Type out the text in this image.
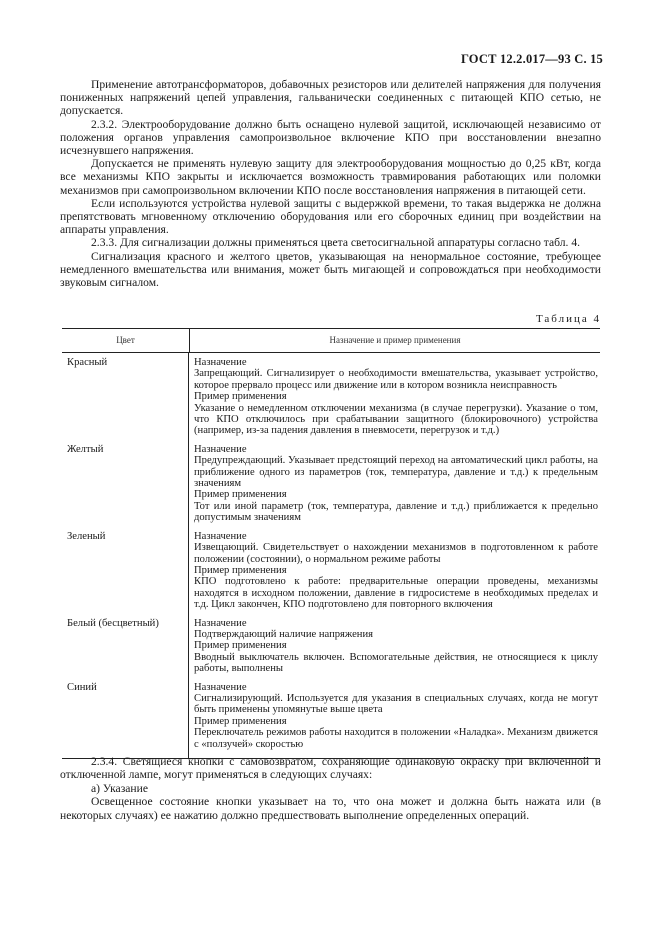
ГОСТ 12.2.017—93 С. 15

Применение автотрансформаторов, добавочных резисторов или делителей напряжения для получения пониженных напряжений цепей управления, гальванически соединенных с питающей КПО сетью, не допускается.

2.3.2. Электрооборудование должно быть оснащено нулевой защитой, исключающей независимо от положения органов управления самопроизвольное включение КПО при восстановлении внезапно исчезнувшего напряжения.

Допускается не применять нулевую защиту для электрооборудования мощностью до 0,25 кВт, когда все механизмы КПО закрыты и исключается возможность травмирования работающих или поломки механизмов при самопроизвольном включении КПО после восстановления напряжения в питающей сети.

Если используются устройства нулевой защиты с выдержкой времени, то такая выдержка не должна препятствовать мгновенному отключению оборудования или его сборочных единиц при воздействии на аппараты управления.

2.3.3. Для сигнализации должны применяться цвета светосигнальной аппаратуры согласно табл. 4.

Сигнализация красного и желтого цветов, указывающая на ненормальное состояние, требующее немедленного вмешательства или внимания, может быть мигающей и сопровождаться при необходимости звуковым сигналом.

Таблица 4
Цвет	Назначение и пример применения
Красный	Назначение
Запрещающий. Сигнализирует о необходимости вмешательства, указывает устройство, которое прервало процесс или движение или в котором возникла неисправность
Пример применения
Указание о немедленном отключении механизма (в случае перегрузки). Указание о том, что КПО отключилось при срабатывании защитного (блокировочного) устройства (например, из-за падения давления в пневмосети, перегрузок и т.д.)
Желтый	Назначение
Предупреждающий. Указывает предстоящий переход на автоматический цикл работы, на приближение одного из параметров (ток, температура, давление и т.д.) к предельным значениям
Пример применения
Тот или иной параметр (ток, температура, давление и т.д.) приближается к предельно допустимым значениям
Зеленый	Назначение
Извещающий. Свидетельствует о нахождении механизмов в подготовленном к работе положении (состоянии), о нормальном режиме работы
Пример применения
КПО подготовлено к работе: предварительные операции проведены, механизмы находятся в исходном положении, давление в гидросистеме в необходимых пределах и т.д. Цикл закончен, КПО подготовлено для повторного включения
Белый (бесцветный)	Назначение
Подтверждающий наличие напряжения
Пример применения
Вводный выключатель включен. Вспомогательные действия, не относящиеся к циклу работы, выполнены
Синий	Назначение
Сигнализирующий. Используется для указания в специальных случаях, когда не могут быть применены упомянутые выше цвета
Пример применения
Переключатель режимов работы находится в положении «Наладка». Механизм движется с «ползучей» скоростью

2.3.4. Светящиеся кнопки с самовозвратом, сохраняющие одинаковую окраску при включенной и отключенной лампе, могут применяться в следующих случаях:

а) Указание

Освещенное состояние кнопки указывает на то, что она может и должна быть нажата или (в некоторых случаях) ее нажатию должно предшествовать выполнение определенных операций.
